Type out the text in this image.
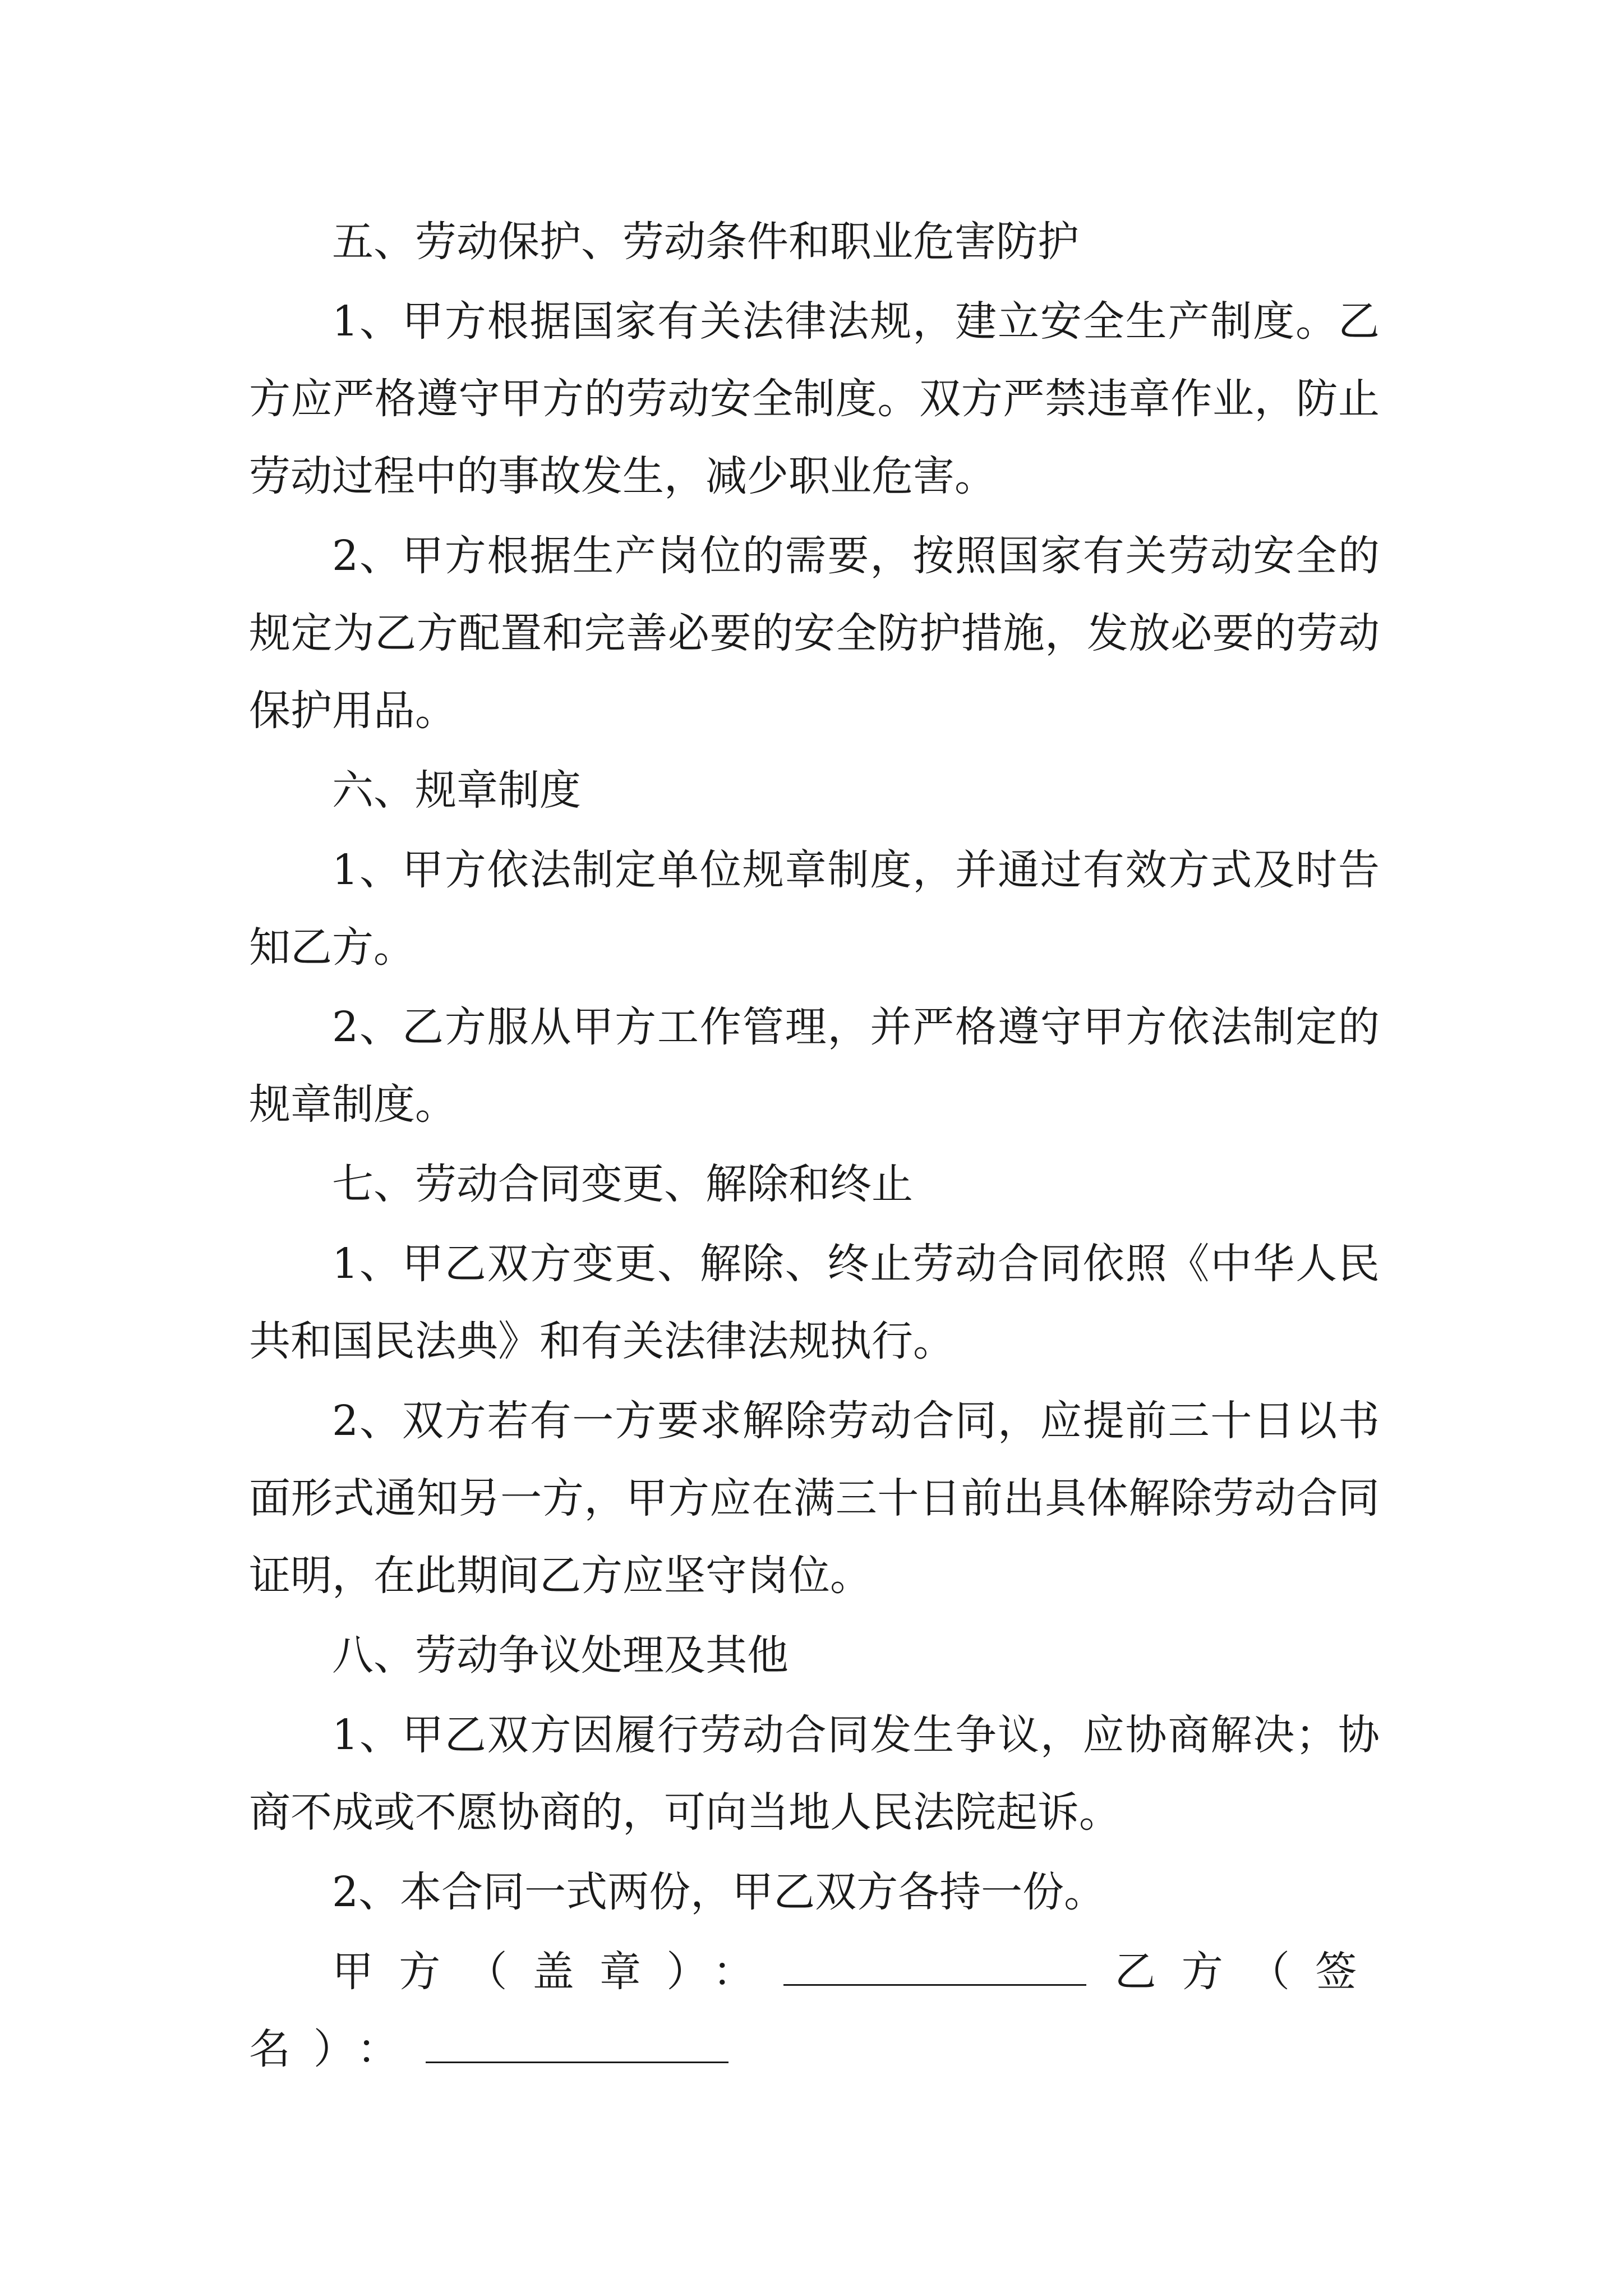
五、劳动保护、劳动条件和职业危害防护

1、甲方根据国家有关法律法规，建立安全生产制度。乙方应严格遵守甲方的劳动安全制度。双方严禁违章作业，防止劳动过程中的事故发生，减少职业危害。

2、甲方根据生产岗位的需要，按照国家有关劳动安全的规定为乙方配置和完善必要的安全防护措施，发放必要的劳动保护用品。

六、规章制度

1、甲方依法制定单位规章制度，并通过有效方式及时告知乙方。

2、乙方服从甲方工作管理，并严格遵守甲方依法制定的规章制度。

七、劳动合同变更、解除和终止

1、甲乙双方变更、解除、终止劳动合同依照《中华人民共和国民法典》和有关法律法规执行。

2、双方若有一方要求解除劳动合同，应提前三十日以书面形式通知另一方，甲方应在满三十日前出具体解除劳动合同证明，在此期间乙方应坚守岗位。

八、劳动争议处理及其他

1、甲乙双方因履行劳动合同发生争议，应协商解决；协商不成或不愿协商的，可向当地人民法院起诉。

2、本合同一式两份，甲乙双方各持一份。

甲方（盖章）：	乙方（签名）：
